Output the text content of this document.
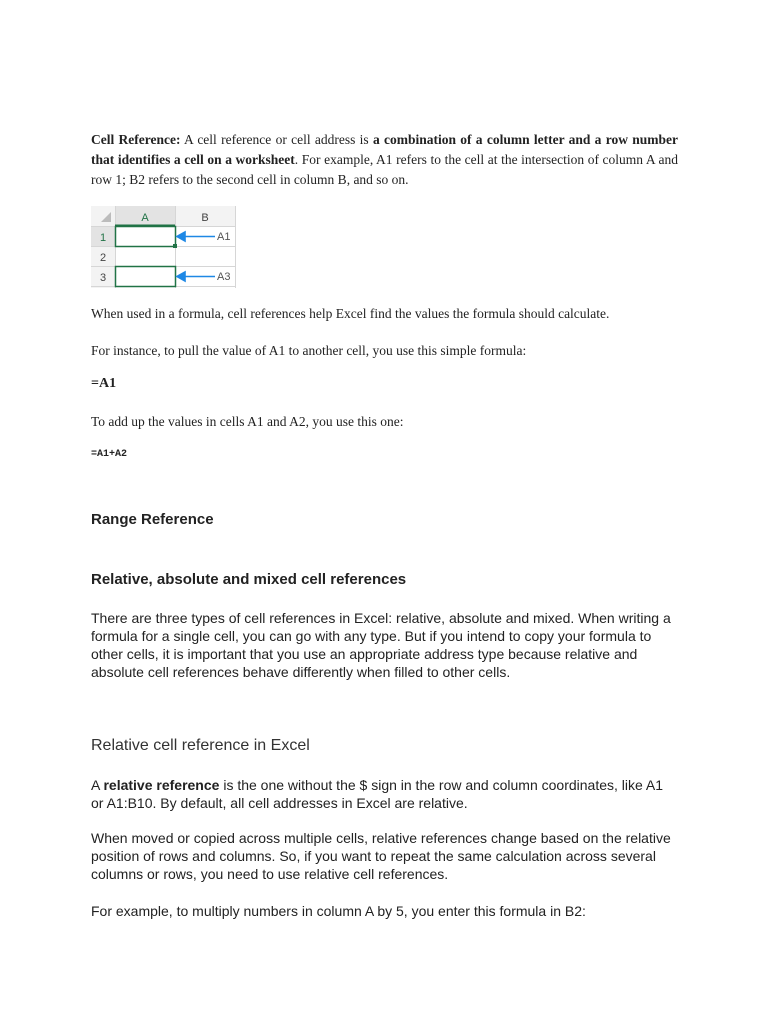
Cell Reference: A cell reference or cell address is a combination of a column letter and a row number that identifies a cell on a worksheet. For example, A1 refers to the cell at the intersection of column A and row 1; B2 refers to the second cell in column B, and so on.

A	B
1
2
3
A1
A3

When used in a formula, cell references help Excel find the values the formula should calculate.

For instance, to pull the value of A1 to another cell, you use this simple formula:

=A1

To add up the values in cells A1 and A2, you use this one:

=A1+A2

Range Reference
Relative, absolute and mixed cell references

There are three types of cell references in Excel: relative, absolute and mixed. When writing a formula for a single cell, you can go with any type. But if you intend to copy your formula to other cells, it is important that you use an appropriate address type because relative and absolute cell references behave differently when filled to other cells.

Relative cell reference in Excel

A relative reference is the one without the $ sign in the row and column coordinates, like A1 or A1:B10. By default, all cell addresses in Excel are relative.

When moved or copied across multiple cells, relative references change based on the relative position of rows and columns. So, if you want to repeat the same calculation across several columns or rows, you need to use relative cell references.

For example, to multiply numbers in column A by 5, you enter this formula in B2:
